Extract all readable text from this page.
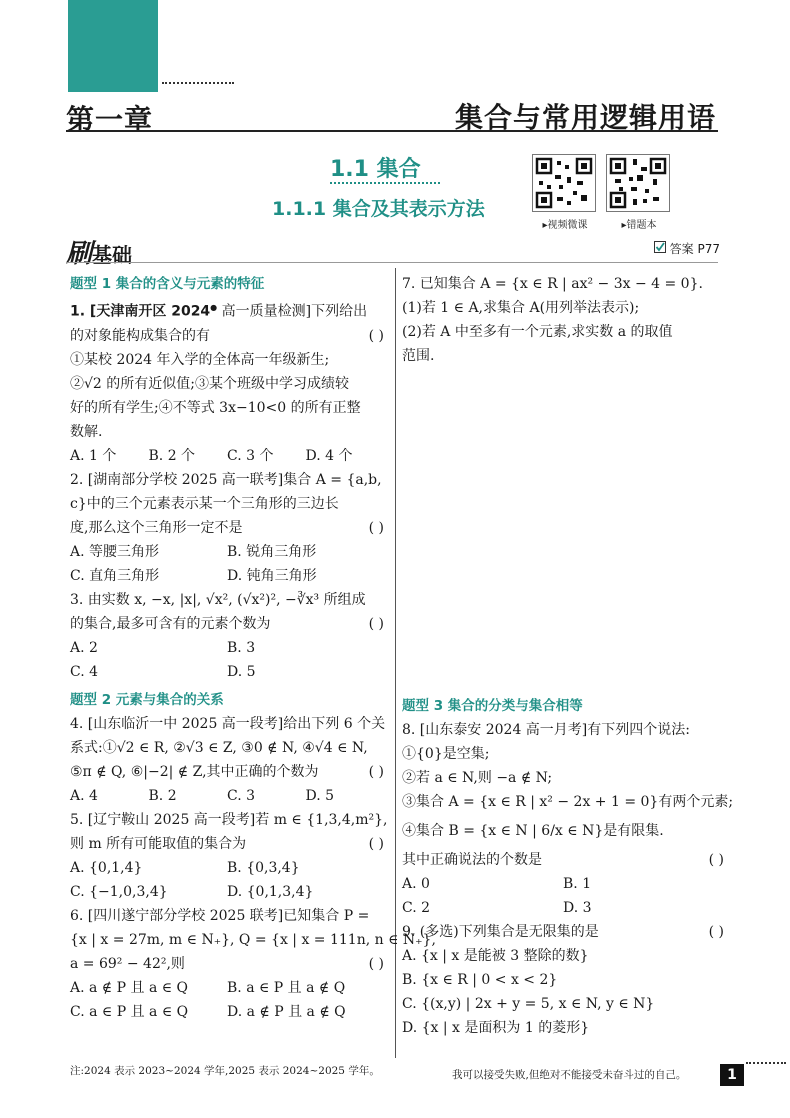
第一章	集合与常用逻辑用语
1.1 集合
1.1.1 集合及其表示方法
▸视频微课	▸错题本
刷基础	答案 P77
题型 1 集合的含义与元素的特征
1. [天津南开区 2024● 高一质量检测]下列给出
的对象能构成集合的有	( )
①某校 2024 年入学的全体高一年级新生;
②√2 的所有近似值;③某个班级中学习成绩较
好的所有学生;④不等式 3x−10<0 的所有正整
数解.
A. 1 个	B. 2 个	C. 3 个	D. 4 个
2. [湖南部分学校 2025 高一联考]集合 A = {a,b,
c}中的三个元素表示某一个三角形的三边长
度,那么这个三角形一定不是	( )
A. 等腰三角形	B. 锐角三角形
C. 直角三角形	D. 钝角三角形
3. 由实数 x, −x, |x|, √x², (√x²)², −∛x³ 所组成
的集合,最多可含有的元素个数为	( )
A. 2	B. 3
C. 4	D. 5
题型 2 元素与集合的关系
4. [山东临沂一中 2025 高一段考]给出下列 6 个关
系式:①√2 ∈ R, ②√3 ∈ Z, ③0 ∉ N, ④√4 ∈ N,
⑤π ∉ Q, ⑥|−2| ∉ Z,其中正确的个数为	( )
A. 4	B. 2	C. 3	D. 5
5. [辽宁鞍山 2025 高一段考]若 m ∈ {1,3,4,m²},
则 m 所有可能取值的集合为	( )
A. {0,1,4}	B. {0,3,4}
C. {−1,0,3,4}	D. {0,1,3,4}
6. [四川遂宁部分学校 2025 联考]已知集合 P =
{x | x = 27m, m ∈ N₊}, Q = {x | x = 111n, n ∈ N₊},
a = 69² − 42²,则	( )
A. a ∉ P 且 a ∈ Q	B. a ∈ P 且 a ∉ Q
C. a ∈ P 且 a ∈ Q	D. a ∉ P 且 a ∉ Q
7. 已知集合 A = {x ∈ R | ax² − 3x − 4 = 0}.
(1)若 1 ∈ A,求集合 A(用列举法表示);
(2)若 A 中至多有一个元素,求实数 a 的取值
范围.
题型 3 集合的分类与集合相等
8. [山东泰安 2024 高一月考]有下列四个说法:
①{0}是空集;
②若 a ∈ N,则 −a ∉ N;
③集合 A = {x ∈ R | x² − 2x + 1 = 0}有两个元素;
④集合 B = {x ∈ N | 6/x ∈ N}是有限集.
其中正确说法的个数是	( )
A. 0	B. 1
C. 2	D. 3
9. (多选)下列集合是无限集的是	( )
A. {x | x 是能被 3 整除的数}
B. {x ∈ R | 0 < x < 2}
C. {(x,y) | 2x + y = 5, x ∈ N, y ∈ N}
D. {x | x 是面积为 1 的菱形}
注:2024 表示 2023~2024 学年,2025 表示 2024~2025 学年。	我可以接受失败,但绝对不能接受未奋斗过的自己。	1
